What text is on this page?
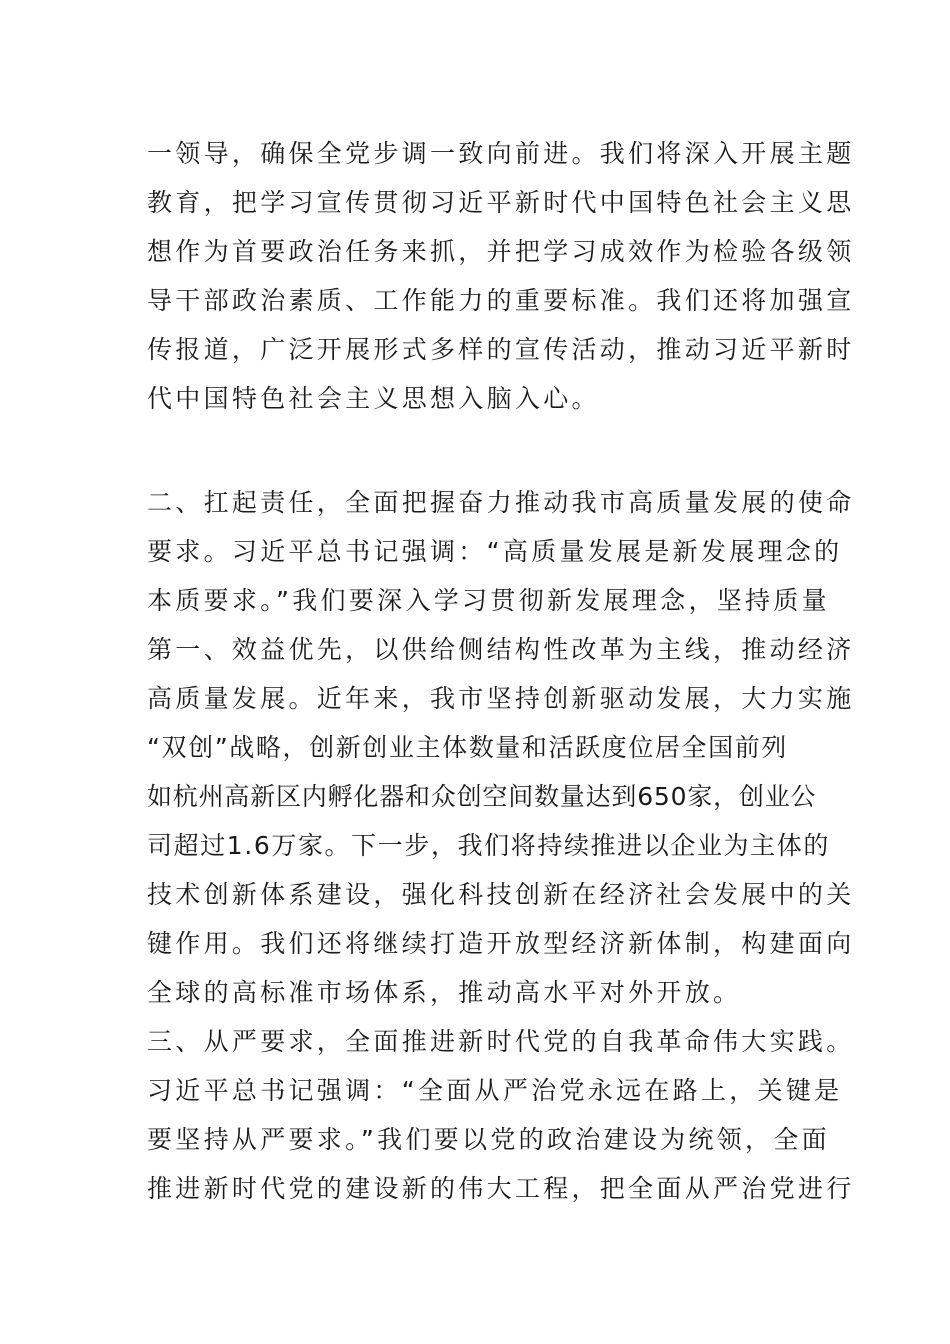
一领导，确保全党步调一致向前进。我们将深入开展主题
教育，把学习宣传贯彻习近平新时代中国特色社会主义思
想作为首要政治任务来抓，并把学习成效作为检验各级领
导干部政治素质、工作能力的重要标准。我们还将加强宣
传报道，广泛开展形式多样的宣传活动，推动习近平新时
代中国特色社会主义思想入脑入心。
二、扛起责任，全面把握奋力推动我市高质量发展的使命
要求。习近平总书记强调：“高质量发展是新发展理念的
本质要求。”我们要深入学习贯彻新发展理念，坚持质量
第一、效益优先，以供给侧结构性改革为主线，推动经济
高质量发展。近年来，我市坚持创新驱动发展，大力实施
“双创”战略，创新创业主体数量和活跃度位居全国前列
如杭州高新区内孵化器和众创空间数量达到650家，创业公
司超过1.6万家。下一步，我们将持续推进以企业为主体的
技术创新体系建设，强化科技创新在经济社会发展中的关
键作用。我们还将继续打造开放型经济新体制，构建面向
全球的高标准市场体系，推动高水平对外开放。
三、从严要求，全面推进新时代党的自我革命伟大实践。
习近平总书记强调：“全面从严治党永远在路上，关键是
要坚持从严要求。”我们要以党的政治建设为统领，全面
推进新时代党的建设新的伟大工程，把全面从严治党进行
